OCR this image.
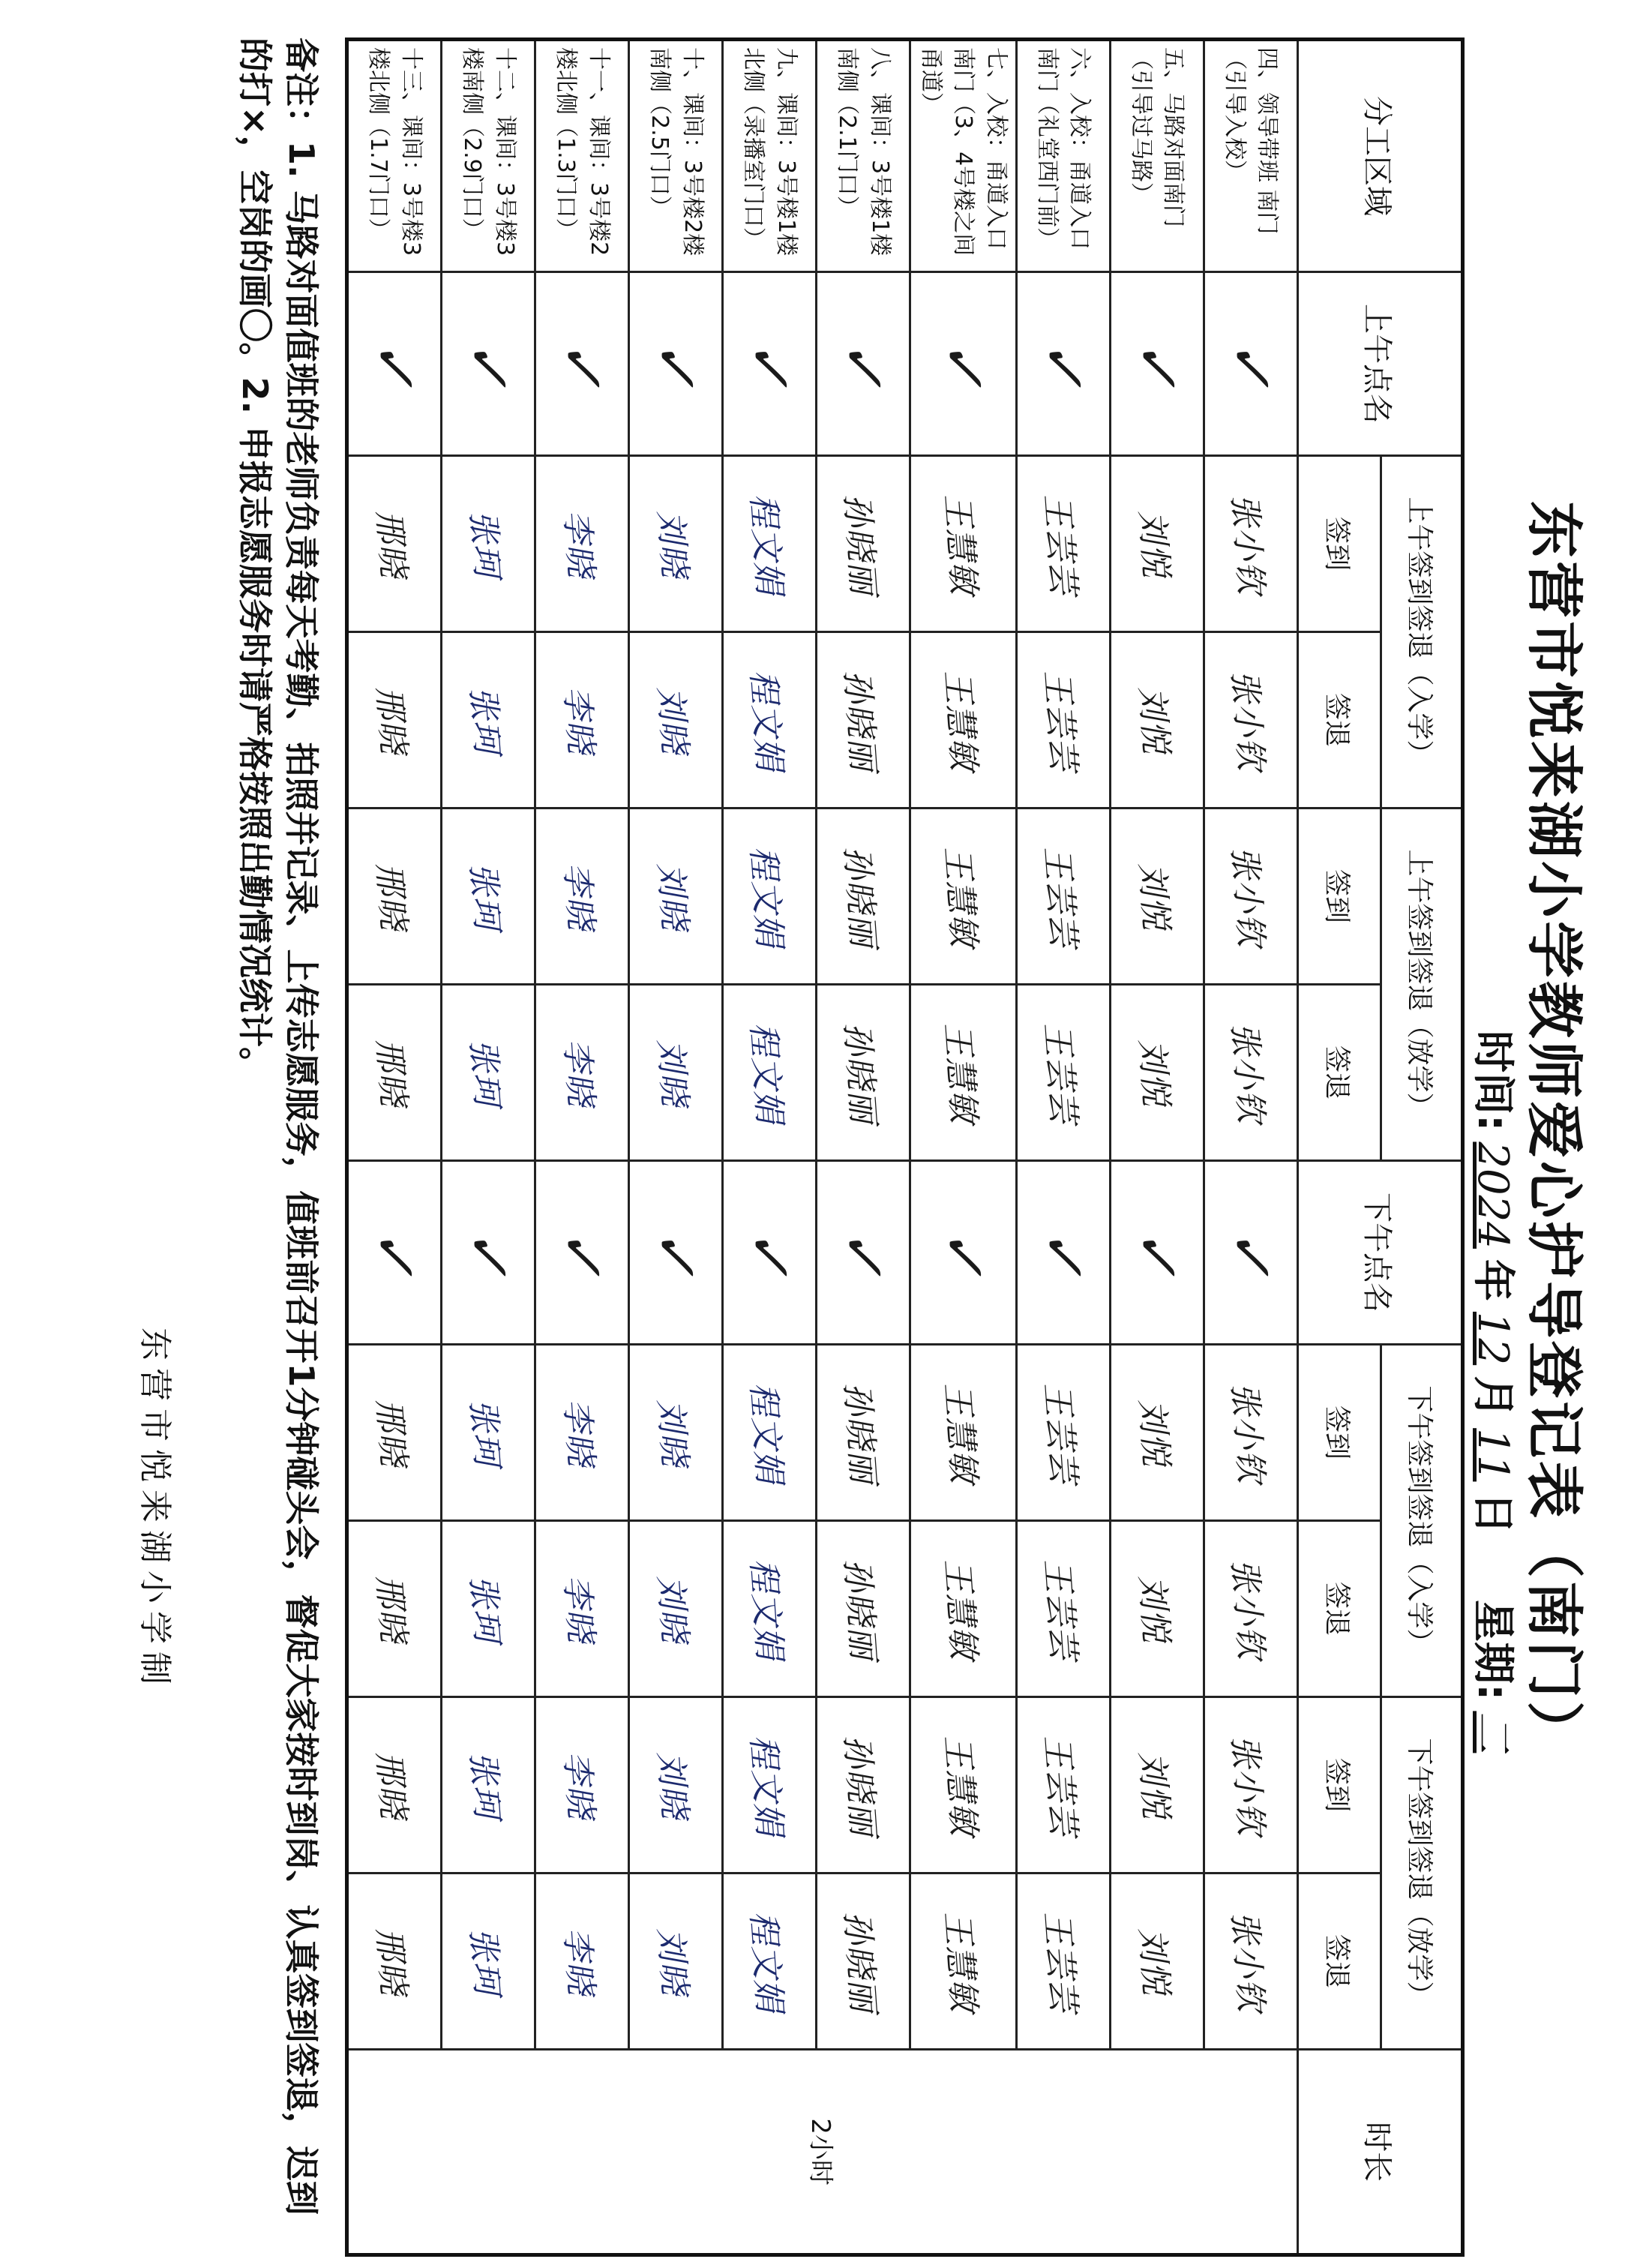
东营市悦来湖小学教师爱心护导登记表（南门）
时间:2024年12月11日 星期:二
分工区域	上午点名	上午签到签退（入学）		上午签到签退（放学）		下午点名	下午签到签退（入学）		下午签到签退（放学）		时长
		签到	签退	签到	签退		签到	签退	签到	签退	
四、领导带班 南门（引导入校）	✓	张小钦	张小钦	张小钦	张小钦	✓	张小钦	张小钦	张小钦	张小钦	2小时
五、马路对面南门（引导过马路）	✓	刘悦	刘悦	刘悦	刘悦	✓	刘悦	刘悦	刘悦	刘悦	
六、入校：甬道入口南门（礼堂西门前）	✓	王芸芸	王芸芸	王芸芸	王芸芸	✓	王芸芸	王芸芸	王芸芸	王芸芸	
七、入校：甬道入口南门（3、4号楼之间甬道）	✓	王慧敏	王慧敏	王慧敏	王慧敏	✓	王慧敏	王慧敏	王慧敏	王慧敏	
八、课间：3号楼1楼南侧（2.1门口）	✓	孙晓丽	孙晓丽	孙晓丽	孙晓丽	✓	孙晓丽	孙晓丽	孙晓丽	孙晓丽	
九、课间：3号楼1楼北侧（录播室门口）	✓	程文娟	程文娟	程文娟	程文娟	✓	程文娟	程文娟	程文娟	程文娟	
十、课间：3号楼2楼南侧（2.5门口）	✓	刘晓	刘晓	刘晓	刘晓	✓	刘晓	刘晓	刘晓	刘晓	
十一、课间：3号楼2楼北侧（1.3门口）	✓	李晓	李晓	李晓	李晓	✓	李晓	李晓	李晓	李晓	
十二、课间：3号楼3楼南侧（2.9门口）	✓	张珂	张珂	张珂	张珂	✓	张珂	张珂	张珂	张珂	
十三、课间：3号楼3楼北侧（1.7门口）	✓	邢晓	邢晓	邢晓	邢晓	✓	邢晓	邢晓	邢晓	邢晓	
备注：1. 马路对面值班的老师负责每天考勤、拍照并记录、上传志愿服务，值班前召开1分钟碰头会，督促大家按时到岗、认真签到签退，迟到的打×，空岗的画〇。2. 申报志愿服务时请严格按照出勤情况统计。
东营市悦来湖小学制
